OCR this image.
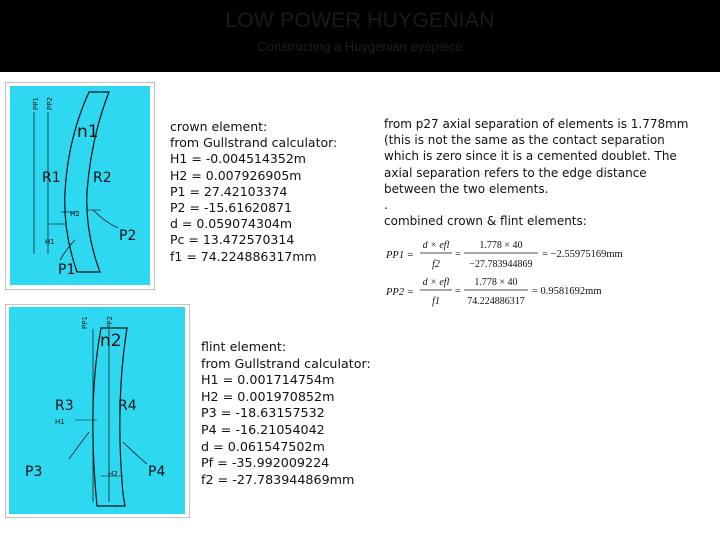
LOW POWER HUYGENIAN
Constructing a Huygenian eyepiece
PP1 PP2
n1
R1 R2
H2
H1	P2
P1
PP1 PP2
n2
R3	R4
H1
H2
P3	P4
crown element:
from Gullstrand calculator:
H1 = -0.004514352m
H2 = 0.007926905m
P1 = 27.42103374
P2 = -15.61620871
d = 0.059074304m
Pc = 13.472570314
f1 = 74.224886317mm
flint element:
from Gullstrand calculator:
H1 = 0.001714754m
H2 = 0.001970852m
P3 = -18.63157532
P4 = -16.21054042
d = 0.061547502m
Pf = -35.992009224
f2 = -27.783944869mm
from p27 axial separation of elements is 1.778mm
(this is not the same as the contact separation
which is zero since it is a cemented doublet. The
axial separation refers to the edge distance
between the two elements.
.
combined crown & flint elements:
PP1 =
d × efl
f2
=
1.778 × 40
−27.783944869
= −2.55975169mm
PP2 =
d × efl
f1
=
1.778 × 40
74.224886317
= 0.9581692mm
